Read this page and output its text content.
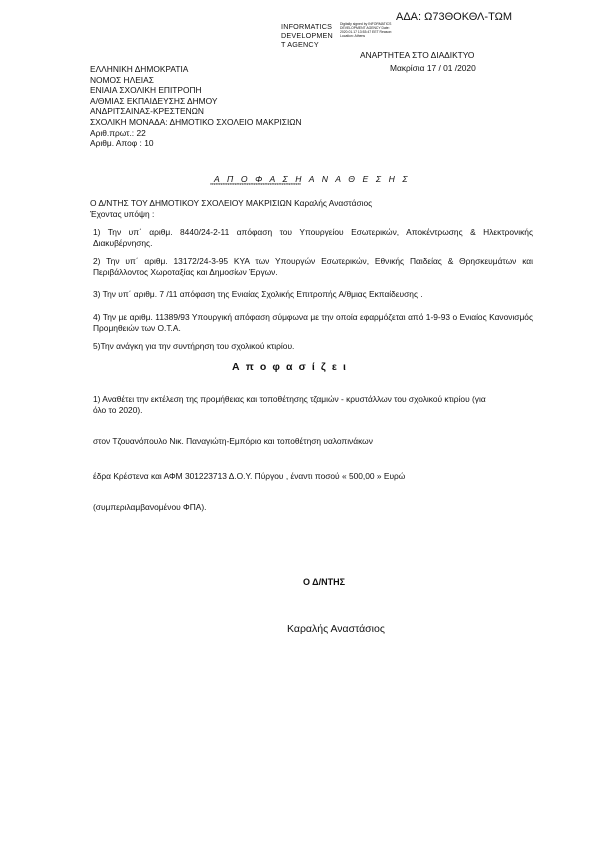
ΑΔΑ: Ω73ΘΟΚΘΛ-ΤΩΜ
INFORMATICS
DEVELOPMEN
T AGENCY
Digitally signed by INFORMATICS DEVELOPMENT AGENCY Date: 2020.01.17 13:53:47 EET Reason: Location: Athens
ΑΝΑΡΤΗΤΕΑ ΣΤΟ ΔΙΑΔΙΚΤΥΟ
Μακρίσια 17 / 01 /2020
ΕΛΛΗΝΙΚΗ ΔΗΜΟΚΡΑΤΙΑ
ΝΟΜΟΣ ΗΛΕΙΑΣ
ΕΝΙΑΙΑ ΣΧΟΛΙΚΗ ΕΠΙΤΡΟΠΗ
Α/ΘΜΙΑΣ ΕΚΠΑΙΔΕΥΣΗΣ ΔΗΜΟΥ
ΑΝΔΡΙΤΣΑΙΝΑΣ-ΚΡΕΣΤΕΝΩΝ
ΣΧΟΛΙΚΗ ΜΟΝΑΔΑ: ΔΗΜΟΤΙΚΟ ΣΧΟΛΕΙΟ ΜΑΚΡΙΣΙΩΝ
Αριθ.πρωτ.: 22
Αριθμ. Αποφ : 10
Α Π Ο Φ Α Σ Η Α Ν Α Θ Ε Σ Η Σ
****************************************************
Ο Δ/ΝΤΗΣ ΤΟΥ ΔΗΜΟΤΙΚΟΥ ΣΧΟΛΕΙΟΥ ΜΑΚΡΙΣΙΩΝ Καραλής Αναστάσιος
Έχοντας υπόψη :
1) Την υπ΄ αριθμ. 8440/24-2-11 απόφαση του Υπουργείου Εσωτερικών, Αποκέντρωσης & Ηλεκτρονικής Διακυβέρνησης.
2) Την υπ΄ αριθμ. 13172/24-3-95 ΚΥΑ των Υπουργών Εσωτερικών, Εθνικής Παιδείας & Θρησκευμάτων και Περιβάλλοντος Χωροταξίας και Δημοσίων Έργων.
3) Την υπ΄ αριθμ. 7 /11 απόφαση της Ενιαίας Σχολικής Επιτροπής Α/θμιας Εκπαίδευσης .
4) Την με αριθμ. 11389/93 Υπουργική απόφαση σύμφωνα με την οποία εφαρμόζεται από 1-9-93 ο Ενιαίος Κανονισμός Προμηθειών των Ο.Τ.Α.
5)Την ανάγκη για την συντήρηση του σχολικού κτιρίου.
Α π ο φ α σ ί ζ ε ι
1) Αναθέτει την εκτέλεση της προμήθειας και τοποθέτησης τζαμιών - κρυστάλλων του σχολικού κτιρίου (για όλο το 2020).
στον Τζουανόπουλο Νικ. Παναγιώτη-Εμπόριο και τοποθέτηση υαλοπινάκων
έδρα Κρέστενα και ΑΦΜ 301223713 Δ.Ο.Υ. Πύργου , έναντι ποσού « 500,00 » Ευρώ
(συμπεριλαμβανομένου ΦΠΑ).
Ο Δ/ΝΤΗΣ
Καραλής Αναστάσιος
